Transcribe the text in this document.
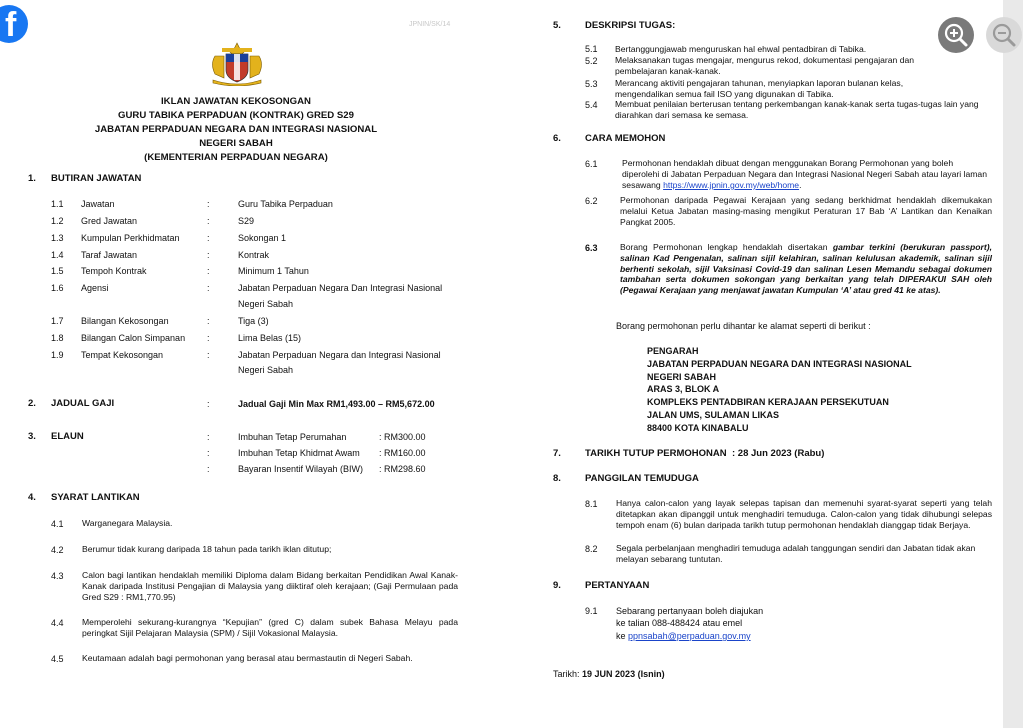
f	JPNIN/SK/14
IKLAN JAWATAN KEKOSONGAN
GURU TABIKA PERPADUAN (KONTRAK) GRED S29
JABATAN PERPADUAN NEGARA DAN INTEGRASI NASIONAL
NEGERI SABAH
(KEMENTERIAN PERPADUAN NEGARA)
1. BUTIRAN JAWATAN
1.1 Jawatan	:	Guru Tabika Perpaduan
1.2 Gred Jawatan	:	S29
1.3 Kumpulan Perkhidmatan	:	Sokongan 1
1.4 Taraf Jawatan	:	Kontrak
1.5 Tempoh Kontrak	:	Minimum 1 Tahun
1.6 Agensi	:	Jabatan Perpaduan Negara Dan Integrasi Nasional
Negeri Sabah
1.7 Bilangan Kekosongan	:	Tiga (3)
1.8 Bilangan Calon Simpanan :	Lima Belas (15)
1.9 Tempat Kekosongan	:	Jabatan Perpaduan Negara dan Integrasi Nasional
Negeri Sabah
2. JADUAL GAJI	:	Jadual Gaji Min Max RM1,493.00 – RM5,672.00
3. ELAUN	:	Imbuhan Tetap Perumahan	: RM300.00
:	Imbuhan Tetap Khidmat Awam : RM160.00
:	Bayaran Insentif Wilayah (BIW) : RM298.60
4. SYARAT LANTIKAN
4.1 Warganegara Malaysia.
4.2 Berumur tidak kurang daripada 18 tahun pada tarikh iklan ditutup;
4.3 Calon bagi lantikan hendaklah memiliki Diploma dalam Bidang berkaitan Pendidikan Awal Kanak-Kanak daripada Institusi Pengajian di Malaysia yang diiktiraf oleh kerajaan; (Gaji Permulaan pada Gred S29 : RM1,770.95)
4.4 Memperolehi sekurang-kurangnya “Kepujian” (gred C) dalam subek Bahasa Melayu pada peringkat Sijil Pelajaran Malaysia (SPM) / Sijil Vokasional Malaysia.
4.5 Keutamaan adalah bagi permohonan yang berasal atau bermastautin di Negeri Sabah.
5.	DESKRIPSI TUGAS:
5.1 Bertanggungjawab menguruskan hal ehwal pentadbiran di Tabika.
5.2 Melaksanakan tugas mengajar, mengurus rekod, dokumentasi pengajaran dan pembelajaran kanak-kanak.
5.3 Merancang aktiviti pengajaran tahunan, menyiapkan laporan bulanan kelas, mengendalikan semua fail ISO yang digunakan di Tabika.
5.4 Membuat penilaian berterusan tentang perkembangan kanak-kanak serta tugas-tugas lain yang diarahkan dari semasa ke semasa.
6.	CARA MEMOHON
6.1	Permohonan hendaklah dibuat dengan menggunakan Borang Permohonan yang boleh diperolehi di Jabatan Perpaduan Negara dan Integrasi Nasional Negeri Sabah atau layari laman sesawang https://www.jpnin.gov.my/web/home.
6.2	Permohonan daripada Pegawai Kerajaan yang sedang berkhidmat hendaklah dikemukakan melalui Ketua Jabatan masing-masing mengikut Peraturan 17 Bab ‘A’ Lantikan dan Kenaikan Pangkat 2005.
6.3	Borang Permohonan lengkap hendaklah disertakan gambar terkini (berukuran passport), salinan Kad Pengenalan, salinan sijil kelahiran, salinan kelulusan akademik, salinan sijil berhenti sekolah, sijil Vaksinasi Covid-19 dan salinan Lesen Memandu sebagai dokumen tambahan serta dokumen sokongan yang berkaitan yang telah DIPERAKUI SAH oleh (Pegawai Kerajaan yang menjawat jawatan Kumpulan ‘A’ atau gred 41 ke atas).
Borang permohonan perlu dihantar ke alamat seperti di berikut :
PENGARAH
JABATAN PERPADUAN NEGARA DAN INTEGRASI NASIONAL
NEGERI SABAH
ARAS 3, BLOK A
KOMPLEKS PENTADBIRAN KERAJAAN PERSEKUTUAN
JALAN UMS, SULAMAN LIKAS
88400 KOTA KINABALU
7.	TARIKH TUTUP PERMOHONAN : 28 Jun 2023 (Rabu)
8.	PANGGILAN TEMUDUGA
8.1 Hanya calon-calon yang layak selepas tapisan dan memenuhi syarat-syarat seperti yang telah ditetapkan akan dipanggil untuk menghadiri temuduga. Calon-calon yang tidak dihubungi selepas tempoh enam (6) bulan daripada tarikh tutup permohonan hendaklah dianggap tidak Berjaya.
8.2 Segala perbelanjaan menghadiri temuduga adalah tanggungan sendiri dan Jabatan tidak akan melayan sebarang tuntutan.
9.	PERTANYAAN
9.1 Sebarang pertanyaan boleh diajukan
ke talian 088-488424 atau emel
ke ppnsabah@perpaduan.gov.my
Tarikh: 19 JUN 2023 (Isnin)
